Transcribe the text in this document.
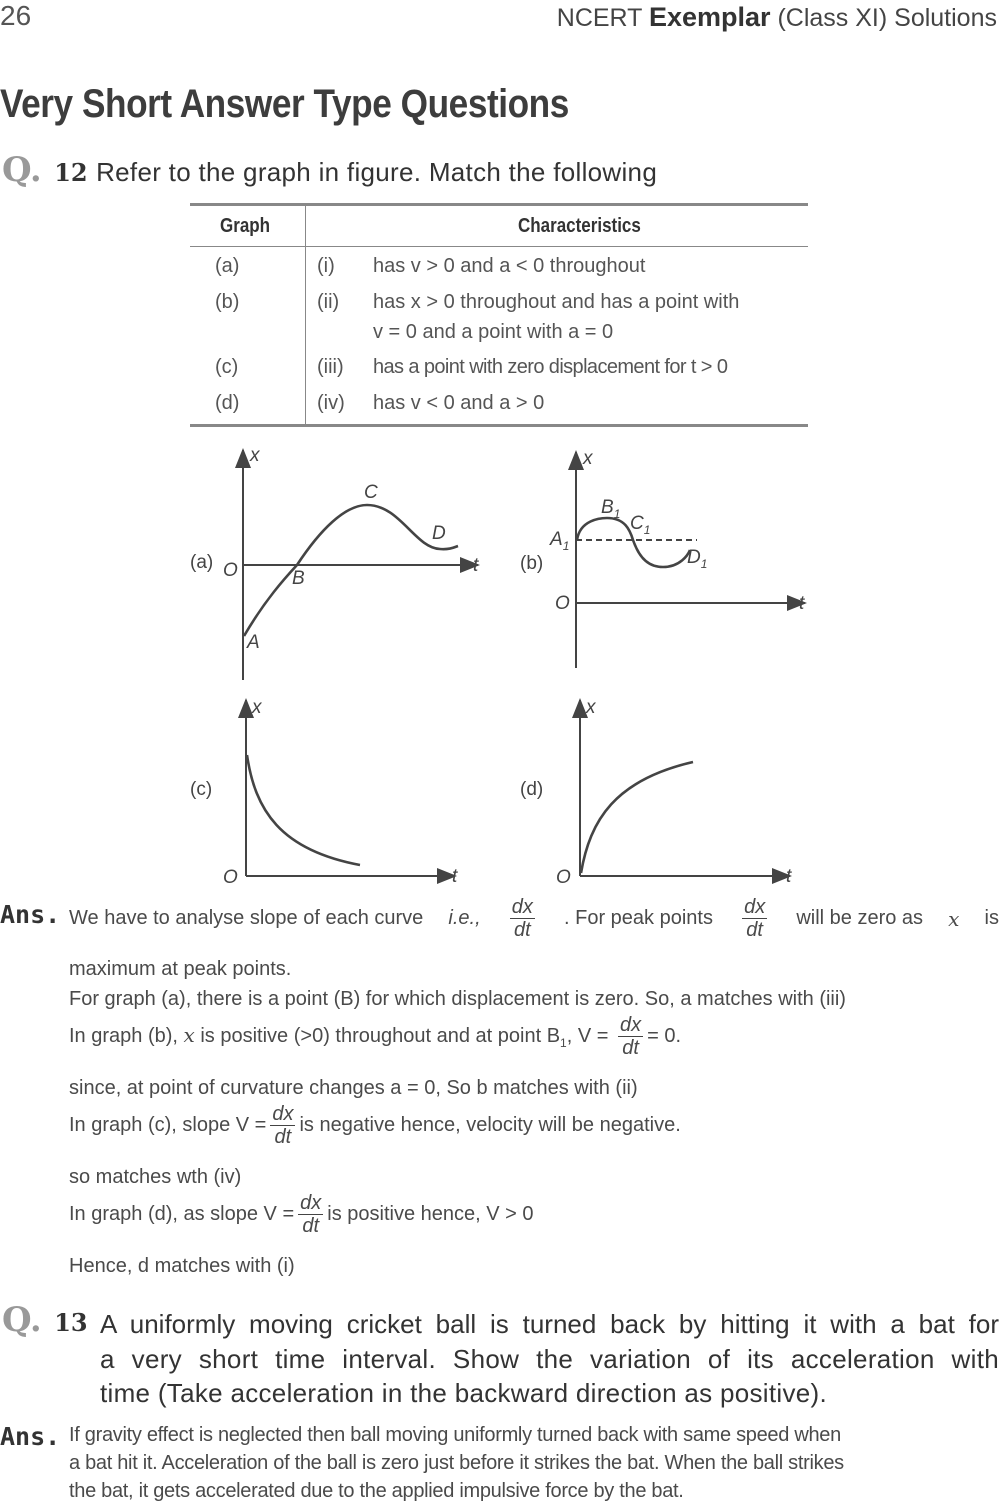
26	NCERT Exemplar (Class XI) Solutions
Very Short Answer Type Questions
Q. 12 Refer to the graph in figure. Match the following
Graph	Characteristics
(a)	(i) has v > 0 and a < 0 throughout
(b)	(ii) has x > 0 throughout and has a point with
v = 0 and a point with a = 0
(c)	(iii) has a point with zero displacement for t > 0
(d)	(iv) has v < 0 and a > 0
(a) O
x
t
A
B
C
D
(b)
O
x
t
$A_1$
$B_1$ $C_1$
$D_1$
(c)
O
x
t
(d)
O
x
t
Ans. We have to analyse slope of each curve i.e., $\frac{dx}{dt}$ . For peak points $\frac{dx}{dt}$ will be zero as x is
maximum at peak points.
For graph (a), there is a point (B) for which displacement is zero. So, a matches with (iii)
In graph (b), x is positive (>0) throughout and at point $B_1$, $V = \frac{dx}{dt} = 0$.
since, at point of curvature changes a = 0, So b matches with (ii)
In graph (c), slope $V = \frac{dx}{dt}$ is negative hence, velocity will be negative.
so matches wth (iv)
In graph (d), as slope $V = \frac{dx}{dt}$ is positive hence, V > 0
Hence, d matches with (i)
Q. 13 A uniformly moving cricket ball is turned back by hitting it with a bat for
a very short time interval. Show the variation of its acceleration with
time (Take acceleration in the backward direction as positive).
Ans. If gravity effect is neglected then ball moving uniformly turned back with same speed when
a bat hit it. Acceleration of the ball is zero just before it strikes the bat. When the ball strikes
the bat, it gets accelerated due to the applied impulsive force by the bat.
